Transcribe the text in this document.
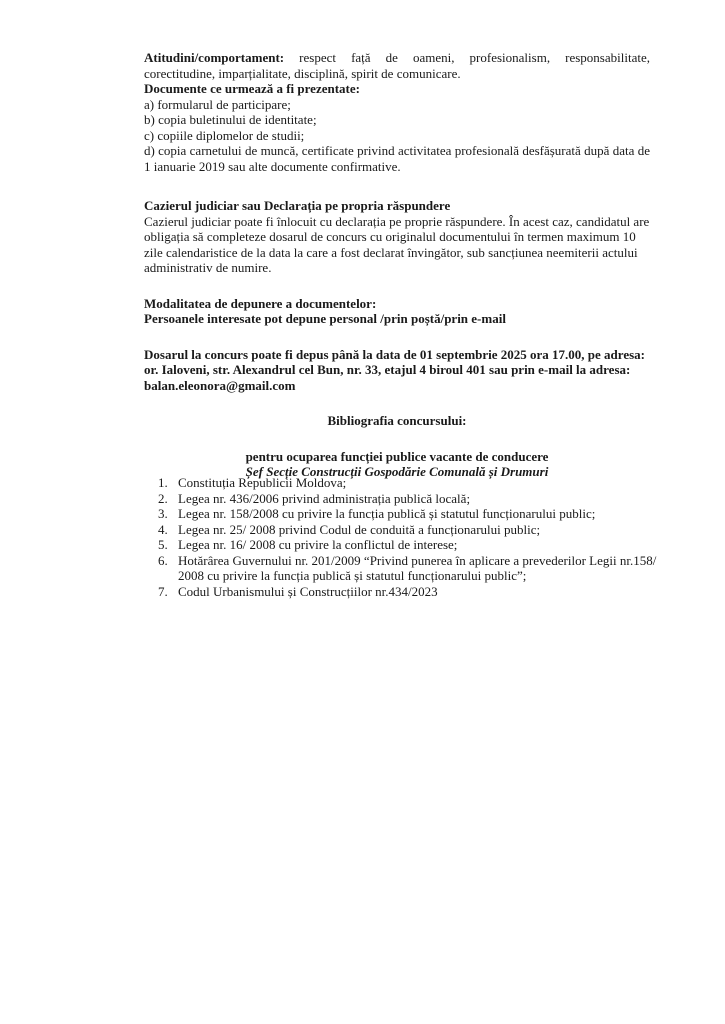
Atitudini/comportament: respect față de oameni, profesionalism, responsabilitate, corectitudine, imparțialitate, disciplină, spirit de comunicare.

Documente ce urmează a fi prezentate:

a) formularul de participare;

b) copia buletinului de identitate;

c) copiile diplomelor de studii;

d) copia carnetului de muncă, certificate privind activitatea profesională desfășurată după data de 1 ianuarie 2019 sau alte documente confirmative.

Cazierul judiciar sau Declarația pe propria răspundere

Cazierul judiciar poate fi înlocuit cu declarația pe proprie răspundere. În acest caz, candidatul are obligația să completeze dosarul de concurs cu originalul documentului în termen maximum 10 zile calendaristice de la data la care a fost declarat învingător, sub sancțiunea neemiterii actului administrativ de numire.

Modalitatea de depunere a documentelor:

Persoanele interesate pot depune personal /prin poștă/prin e-mail

Dosarul la concurs poate fi depus până la data de 01 septembrie 2025 ora 17.00, pe adresa: or. Ialoveni, str. Alexandrul cel Bun, nr. 33, etajul 4 biroul 401 sau prin e-mail la adresa: balan.eleonora@gmail.com

Bibliografia concursului:

pentru ocuparea funcției publice vacante de conducere

Șef Secție Construcții Gospodărie Comunală și Drumuri

1. Constituția Republicii Moldova;
2. Legea nr. 436/2006 privind administrația publică locală;
3. Legea nr. 158/2008 cu privire la funcția publică și statutul funcționarului public;
4. Legea nr. 25/ 2008 privind Codul de conduită a funcționarului public;
5. Legea nr. 16/ 2008 cu privire la conflictul de interese;
6. Hotărârea Guvernului nr. 201/2009 “Privind punerea în aplicare a prevederilor Legii nr.158/ 2008 cu privire la funcția publică și statutul funcționarului public”;
7. Codul Urbanismului și Construcțiilor nr.434/2023
